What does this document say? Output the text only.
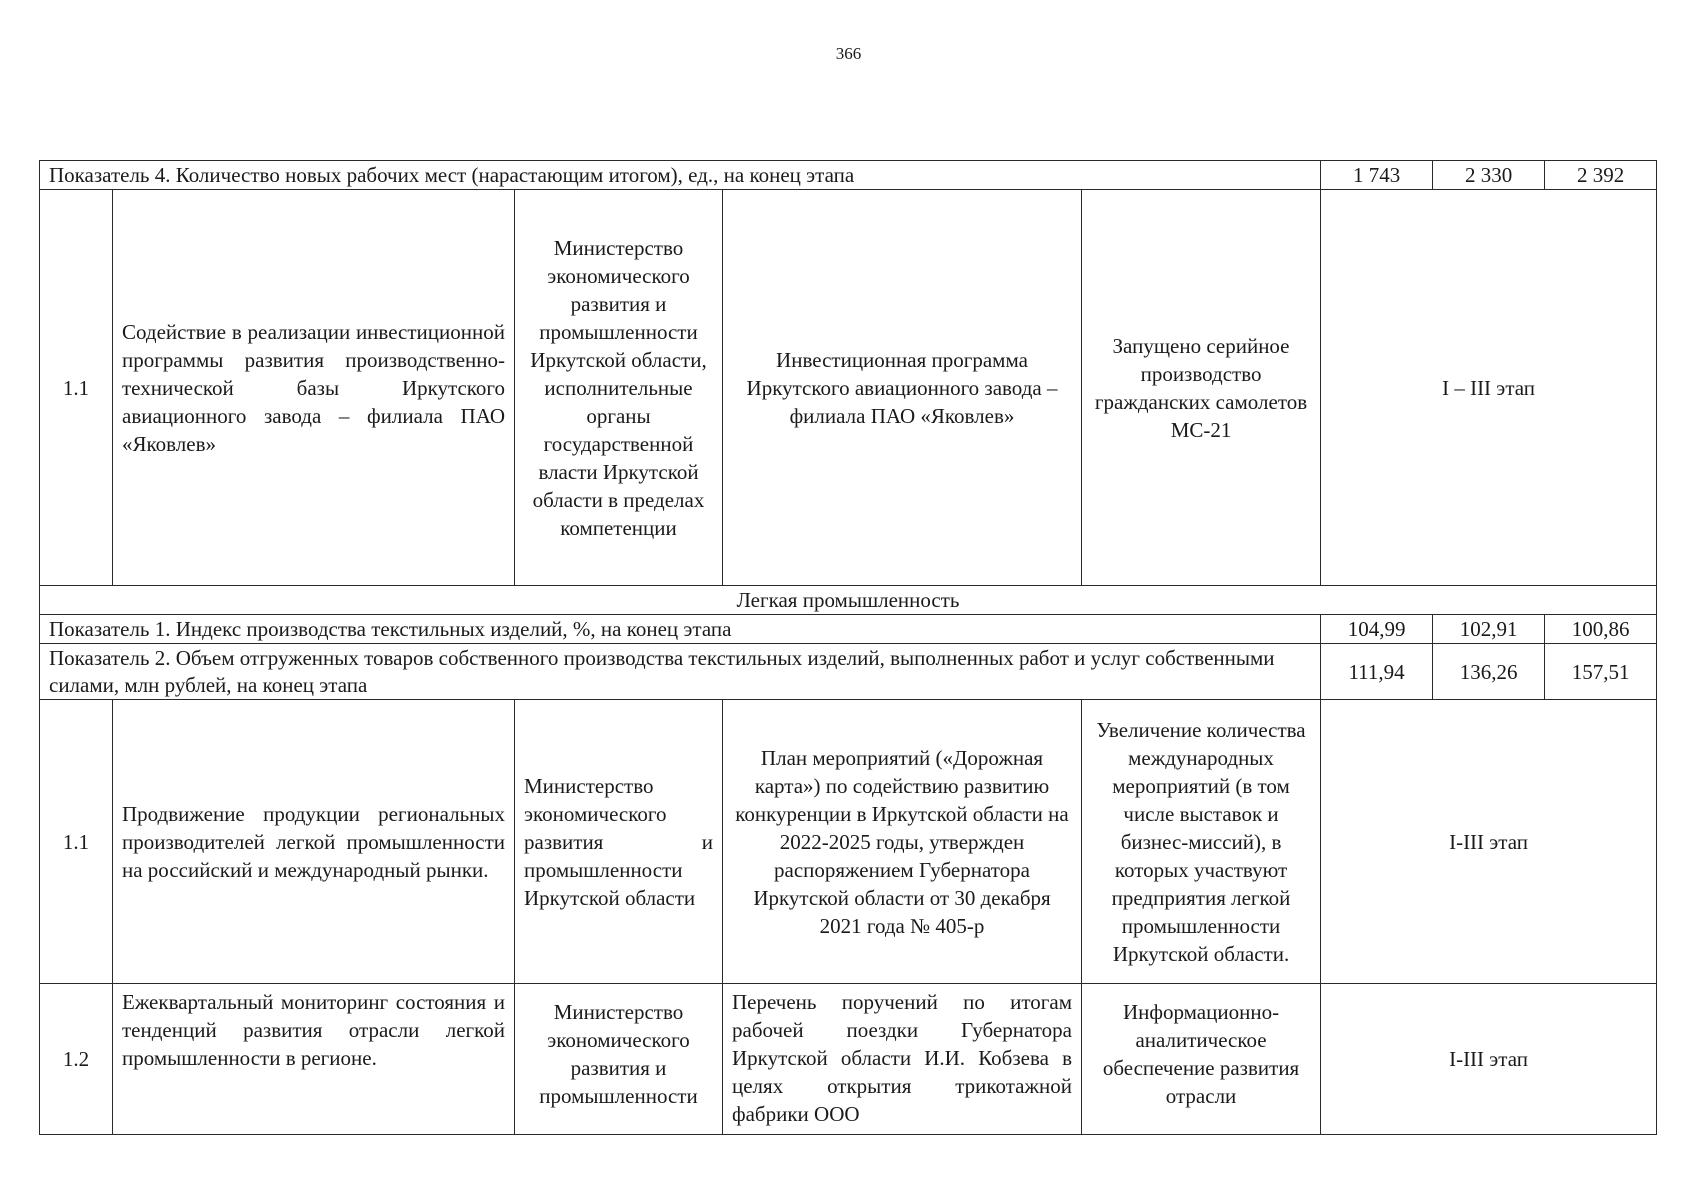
366
Показатель 4. Количество новых рабочих мест (нарастающим итогом), ед., на конец этапа					1 743	2 330	2 392
1.1	Содействие в реализации инвестиционной программы развития производственно-технической базы Иркутского авиационного завода – филиала ПАО «Яковлев»	Министерство экономического развития и промышленности Иркутской области, исполнительные органы государственной власти Иркутской области в пределах компетенции	Инвестиционная программа Иркутского авиационного завода – филиала ПАО «Яковлев»	Запущено серийное производство гражданских самолетов МС-21	I – III этап		
Легкая промышленность							
Показатель 1. Индекс производства текстильных изделий, %, на конец этапа					104,99	102,91	100,86
Показатель 2. Объем отгруженных товаров собственного производства текстильных изделий, выполненных работ и услуг собственными силами, млн рублей, на конец этапа					111,94	136,26	157,51
1.1	Продвижение продукции региональных производителей легкой промышленности на российский и международный рынки.	Министерство экономического развития и промышленности Иркутской области	План мероприятий («Дорожная карта») по содействию развитию конкуренции в Иркутской области на 2022-2025 годы, утвержден распоряжением Губернатора Иркутской области от 30 декабря 2021 года № 405-р	Увеличение количества международных мероприятий (в том числе выставок и бизнес-миссий), в которых участвуют предприятия легкой промышленности Иркутской области.	I-III этап		
1.2	Ежеквартальный мониторинг состояния и тенденций развития отрасли легкой промышленности в регионе.	Министерство экономического развития и промышленности	Перечень поручений по итогам рабочей поездки Губернатора Иркутской области И.И. Кобзева в целях открытия трикотажной фабрики ООО	Информационно-аналитическое обеспечение развития отрасли	I-III этап		
